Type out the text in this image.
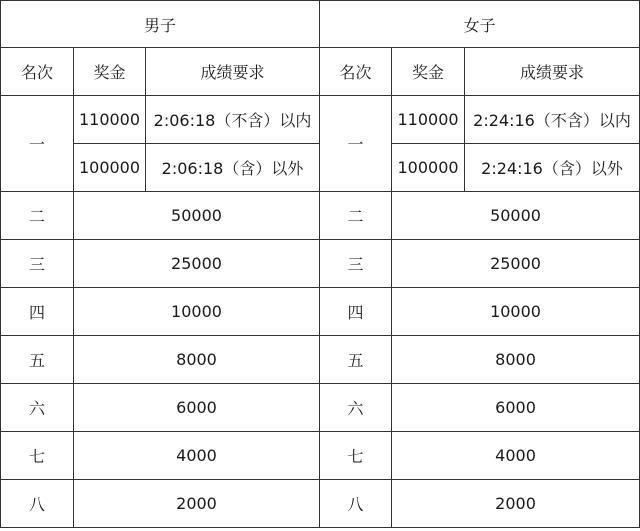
男子			女子		
名次	奖金	成绩要求	名次	奖金	成绩要求
一	110000	2:06:18（不含）以内	一	110000	2:24:16（不含）以内
	100000	2:06:18（含）以外		100000	2:24:16（含）以外
二	50000		二	50000	
三	25000		三	25000	
四	10000		四	10000	
五	8000		五	8000	
六	6000		六	6000	
七	4000		七	4000	
八	2000		八	2000	
